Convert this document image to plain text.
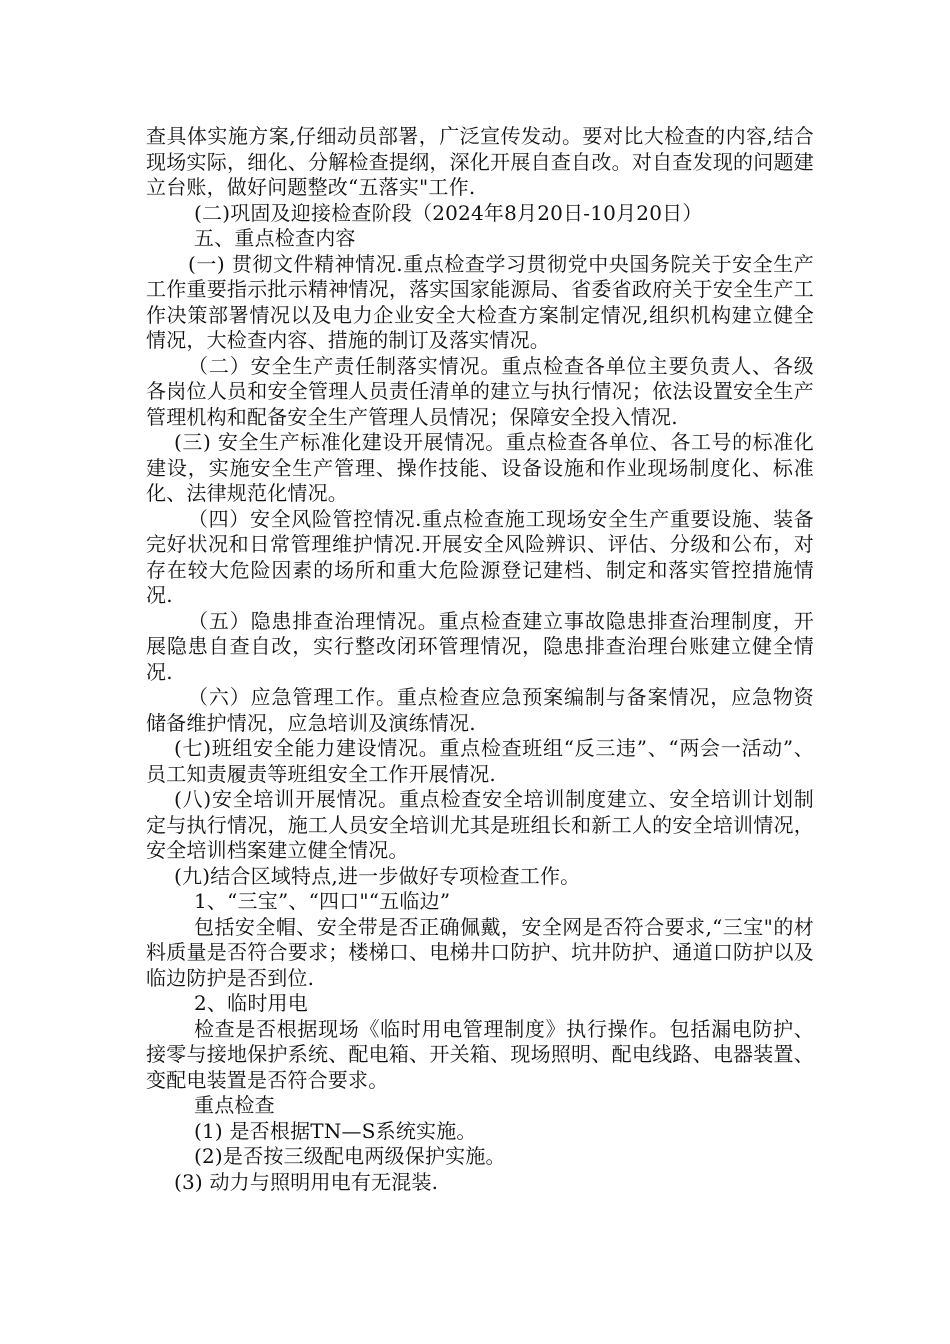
查具体实施方案,仔细动员部署，广泛宣传发动。要对比大检查的内容,结合现场实际，细化、分解检查提纲，深化开展自查自改。对自查发现的问题建立台账，做好问题整改“五落实"工作.

(二)巩固及迎接检查阶段（2024年8月20日-10月20日）

五、重点检查内容

(一) 贯彻文件精神情况.重点检查学习贯彻党中央国务院关于安全生产工作重要指示批示精神情况，落实国家能源局、省委省政府关于安全生产工作决策部署情况以及电力企业安全大检查方案制定情况,组织机构建立健全情况，大检查内容、措施的制订及落实情况。

（二）安全生产责任制落实情况。重点检查各单位主要负责人、各级各岗位人员和安全管理人员责任清单的建立与执行情况；依法设置安全生产管理机构和配备安全生产管理人员情况；保障安全投入情况.

(三) 安全生产标准化建设开展情况。重点检查各单位、各工号的标准化建设，实施安全生产管理、操作技能、设备设施和作业现场制度化、标准化、法律规范化情况。

（四）安全风险管控情况.重点检查施工现场安全生产重要设施、装备完好状况和日常管理维护情况.开展安全风险辨识、评估、分级和公布，对存在较大危险因素的场所和重大危险源登记建档、制定和落实管控措施情况.

（五）隐患排查治理情况。重点检查建立事故隐患排查治理制度，开展隐患自查自改，实行整改闭环管理情况，隐患排查治理台账建立健全情况.

（六）应急管理工作。重点检查应急预案编制与备案情况，应急物资储备维护情况，应急培训及演练情况.

(七)班组安全能力建设情况。重点检查班组“反三违”、“两会一活动”、员工知责履责等班组安全工作开展情况.

(八)安全培训开展情况。重点检查安全培训制度建立、安全培训计划制定与执行情况，施工人员安全培训尤其是班组长和新工人的安全培训情况，安全培训档案建立健全情况。

(九)结合区域特点,进一步做好专项检查工作。

1、“三宝”、“四口"“五临边”

包括安全帽、安全带是否正确佩戴，安全网是否符合要求,“三宝"的材料质量是否符合要求；楼梯口、电梯井口防护、坑井防护、通道口防护以及临边防护是否到位.

2、临时用电

检查是否根据现场《临时用电管理制度》执行操作。包括漏电防护、接零与接地保护系统、配电箱、开关箱、现场照明、配电线路、电器装置、变配电装置是否符合要求。

重点检查

(1) 是否根据TN—S系统实施。

(2)是否按三级配电两级保护实施。

(3) 动力与照明用电有无混装.
